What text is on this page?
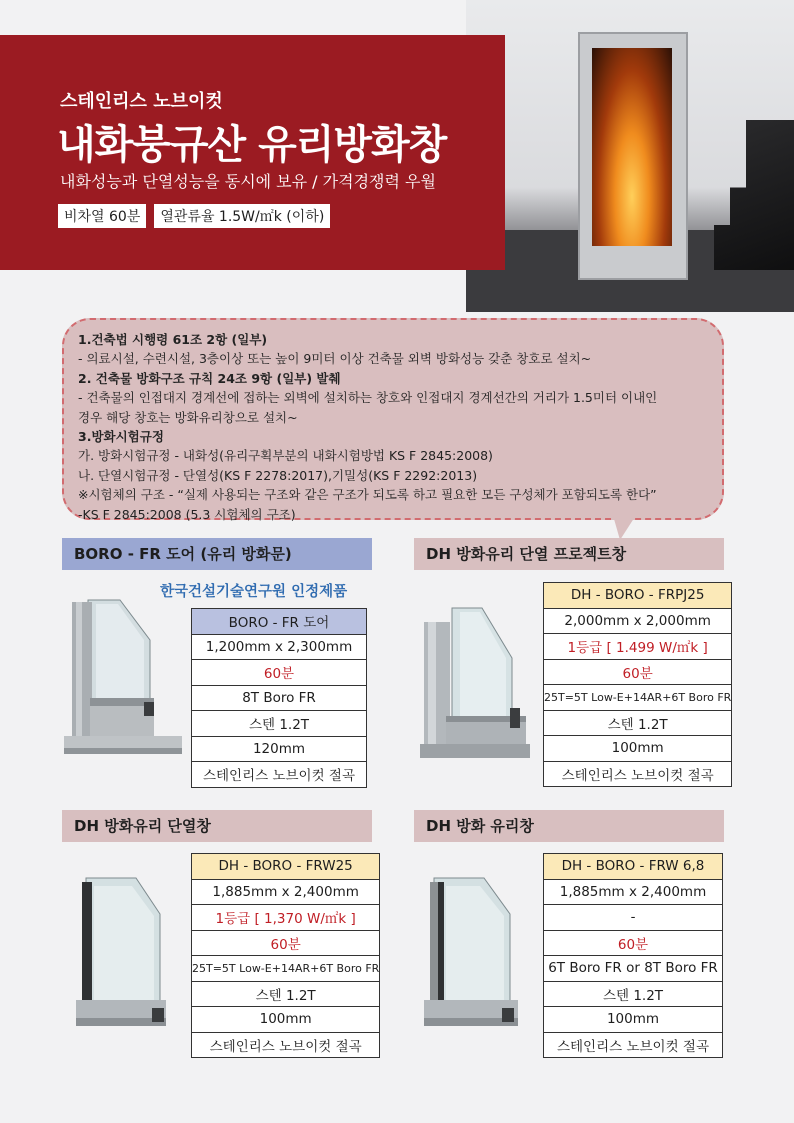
스테인리스 노브이컷
내화붕규산 유리방화창
내화성능과 단열성능을 동시에 보유 / 가격경쟁력 우월
비차열 60분	열관류율 1.5W/㎡k (이하)
1.건축법 시행령 61조 2항 (일부)
- 의료시설, 수련시설, 3층이상 또는 높이 9미터 이상 건축물 외벽 방화성능 갖춘 창호로 설치~
2. 건축물 방화구조 규칙 24조 9항 (일부) 발췌
- 건축물의 인접대지 경계선에 접하는 외벽에 설치하는 창호와 인접대지 경계선간의 거리가 1.5미터 이내인
경우 해당 창호는 방화유리창으로 설치~
3.방화시험규정
가. 방화시험규정 - 내화성(유리구획부분의 내화시험방법 KS F 2845:2008)
나. 단열시험규정 - 단열성(KS F 2278:2017),기밀성(KS F 2292:2013)
※시험체의 구조 - “실제 사용되는 구조와 같은 구조가 되도록 하고 필요한 모든 구성체가 포함되도록 한다”
-KS F 2845:2008 (5.3 시험체의 구조)
BORO - FR 도어 (유리 방화문)
한국건설기술연구원 인정제품
BORO - FR 도어
1,200mm x 2,300mm
60분
8T Boro FR
스텐 1.2T
120mm
스테인리스 노브이컷 절곡
DH 방화유리 단열 프로젝트창
DH - BORO - FRPJ25
2,000mm x 2,000mm
1등급 [ 1.499 W/㎡k ]
60분
25T=5T Low-E+14AR+6T Boro FR
스텐 1.2T
100mm
스테인리스 노브이컷 절곡
DH 방화유리 단열창
DH - BORO - FRW25
1,885mm x 2,400mm
1등급 [ 1,370 W/㎡k ]
60분
25T=5T Low-E+14AR+6T Boro FR
스텐 1.2T
100mm
스테인리스 노브이컷 절곡
DH 방화 유리창
DH - BORO - FRW 6,8
1,885mm x 2,400mm
-
60분
6T Boro FR or 8T Boro FR
스텐 1.2T
100mm
스테인리스 노브이컷 절곡
